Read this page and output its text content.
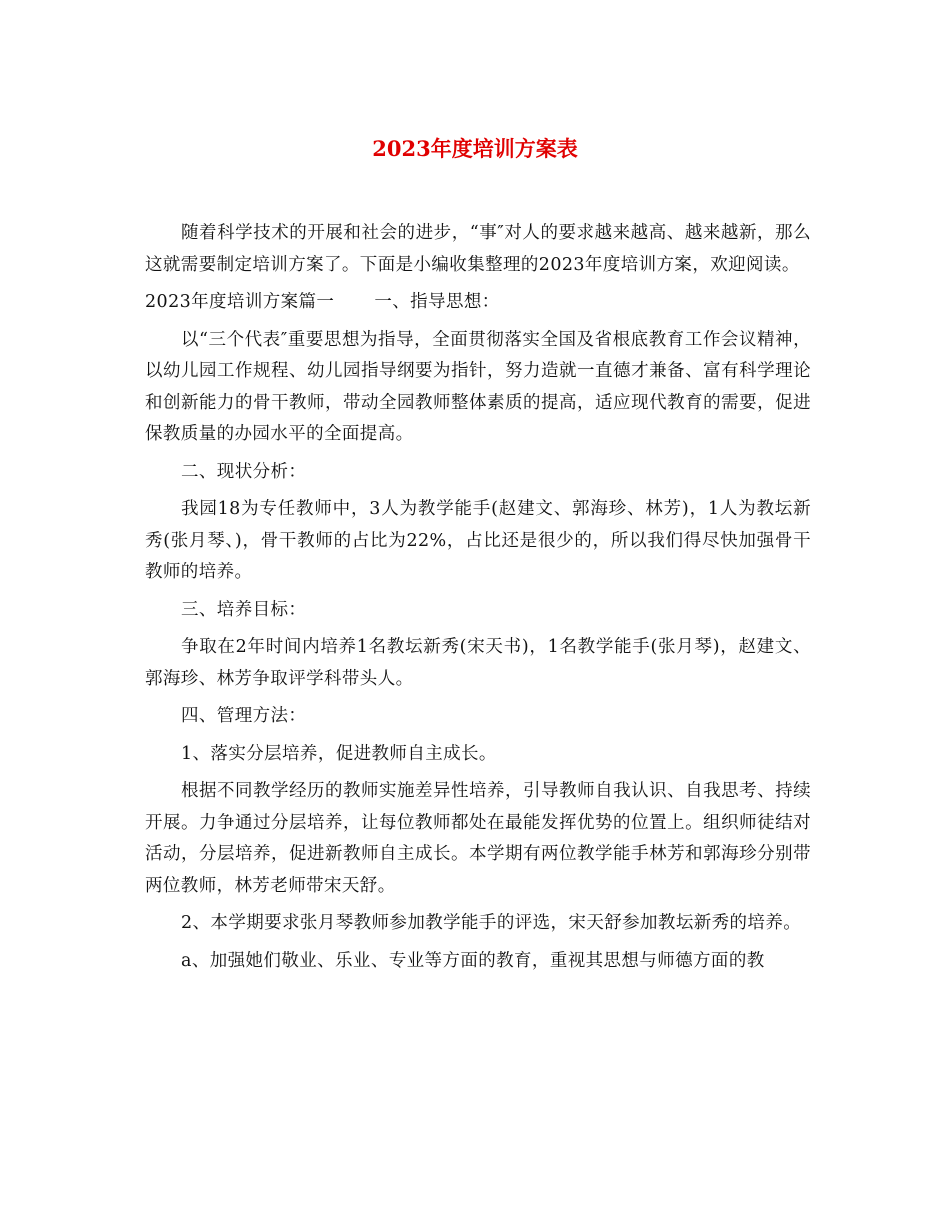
2023年度培训方案表

随着科学技术的开展和社会的进步，“事″对人的要求越来越高、越来越新，那么这就需要制定培训方案了。下面是小编收集整理的2023年度培训方案，欢迎阅读。

2023年度培训方案篇一 一、指导思想：

以“三个代表″重要思想为指导，全面贯彻落实全国及省根底教育工作会议精神，以幼儿园工作规程、幼儿园指导纲要为指针，努力造就一直德才兼备、富有科学理论和创新能力的骨干教师，带动全园教师整体素质的提高，适应现代教育的需要，促进保教质量的办园水平的全面提高。

二、现状分析：

我园18为专任教师中，3人为教学能手(赵建文、郭海珍、林芳)，1人为教坛新秀(张月琴、)，骨干教师的占比为22%，占比还是很少的，所以我们得尽快加强骨干教师的培养。

三、培养目标：

争取在2年时间内培养1名教坛新秀(宋天书)，1名教学能手(张月琴)，赵建文、郭海珍、林芳争取评学科带头人。

四、管理方法：

1、落实分层培养，促进教师自主成长。

根据不同教学经历的教师实施差异性培养，引导教师自我认识、自我思考、持续开展。力争通过分层培养，让每位教师都处在最能发挥优势的位置上。组织师徒结对活动，分层培养，促进新教师自主成长。本学期有两位教学能手林芳和郭海珍分别带两位教师，林芳老师带宋天舒。

2、本学期要求张月琴教师参加教学能手的评选，宋天舒参加教坛新秀的培养。

a、加强她们敬业、乐业、专业等方面的教育，重视其思想与师德方面的教
